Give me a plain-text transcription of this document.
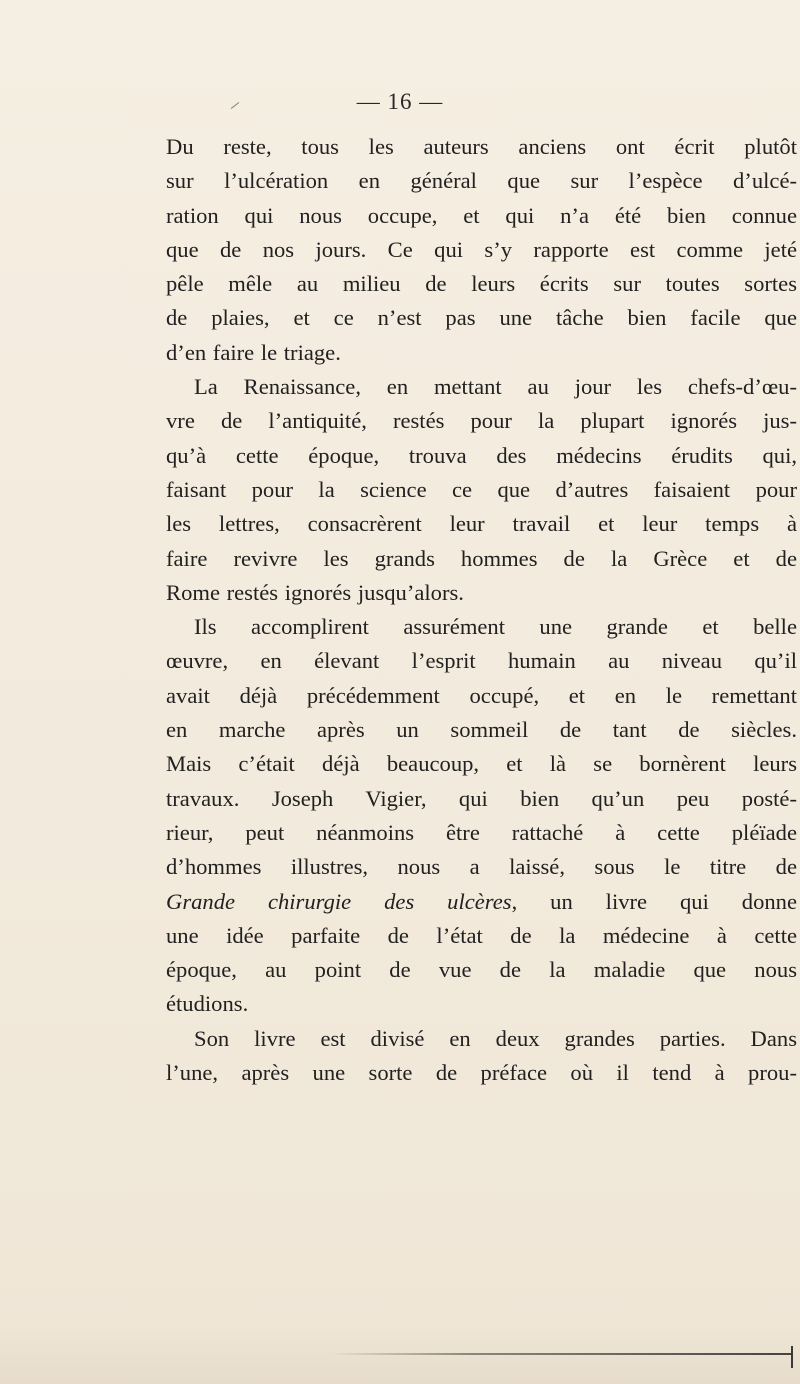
— 16 —
Du reste, tous les auteurs anciens ont écrit plutôt
sur l’ulcération en général que sur l’espèce d’ulcé-
ration qui nous occupe, et qui n’a été bien connue
que de nos jours. Ce qui s’y rapporte est comme jeté
pêle mêle au milieu de leurs écrits sur toutes sortes
de plaies, et ce n’est pas une tâche bien facile que
d’en faire le triage.
La Renaissance, en mettant au jour les chefs-d’œu-
vre de l’antiquité, restés pour la plupart ignorés jus-
qu’à cette époque, trouva des médecins érudits qui,
faisant pour la science ce que d’autres faisaient pour
les lettres, consacrèrent leur travail et leur temps à
faire revivre les grands hommes de la Grèce et de
Rome restés ignorés jusqu’alors.
Ils accomplirent assurément une grande et belle
œuvre, en élevant l’esprit humain au niveau qu’il
avait déjà précédemment occupé, et en le remettant
en marche après un sommeil de tant de siècles.
Mais c’était déjà beaucoup, et là se bornèrent leurs
travaux. Joseph Vigier, qui bien qu’un peu posté-
rieur, peut néanmoins être rattaché à cette pléïade
d’hommes illustres, nous a laissé, sous le titre de
Grande chirurgie des ulcères, un livre qui donne
une idée parfaite de l’état de la médecine à cette
époque, au point de vue de la maladie que nous
étudions.
Son livre est divisé en deux grandes parties. Dans
l’une, après une sorte de préface où il tend à prou-
